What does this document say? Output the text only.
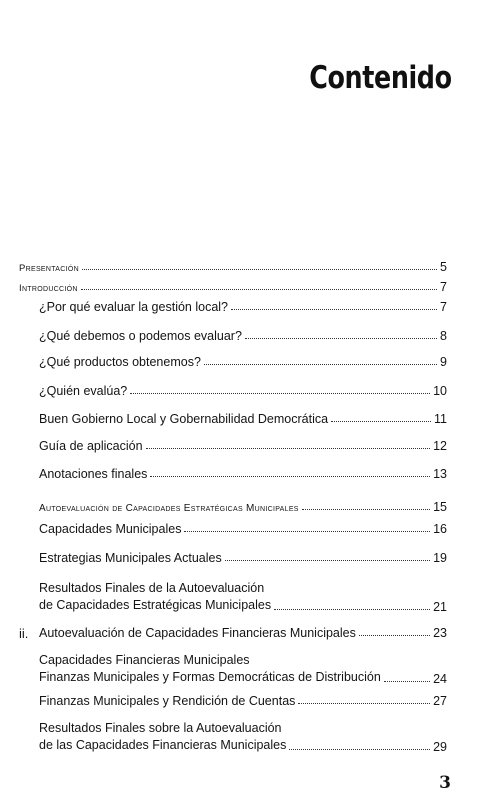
Contenido
Presentación	5
Introducción	7
¿Por qué evaluar la gestión local?	7
¿Qué debemos o podemos evaluar?	8
¿Qué productos obtenemos?	9
¿Quién evalúa?	10
Buen Gobierno Local y Gobernabilidad Democrática	11
Guía de aplicación	12
Anotaciones finales	13
Autoevaluación de Capacidades Estratégicas Municipales	15
Capacidades Municipales	16
Estrategias Municipales Actuales	19
Resultados Finales de la Autoevaluación
de Capacidades Estratégicas Municipales	21
ii. Autoevaluación de Capacidades Financieras Municipales	23
Capacidades Financieras Municipales
Finanzas Municipales y Formas Democráticas de Distribución	24
Finanzas Municipales y Rendición de Cuentas	27
Resultados Finales sobre la Autoevaluación
de las Capacidades Financieras Municipales	29
3
